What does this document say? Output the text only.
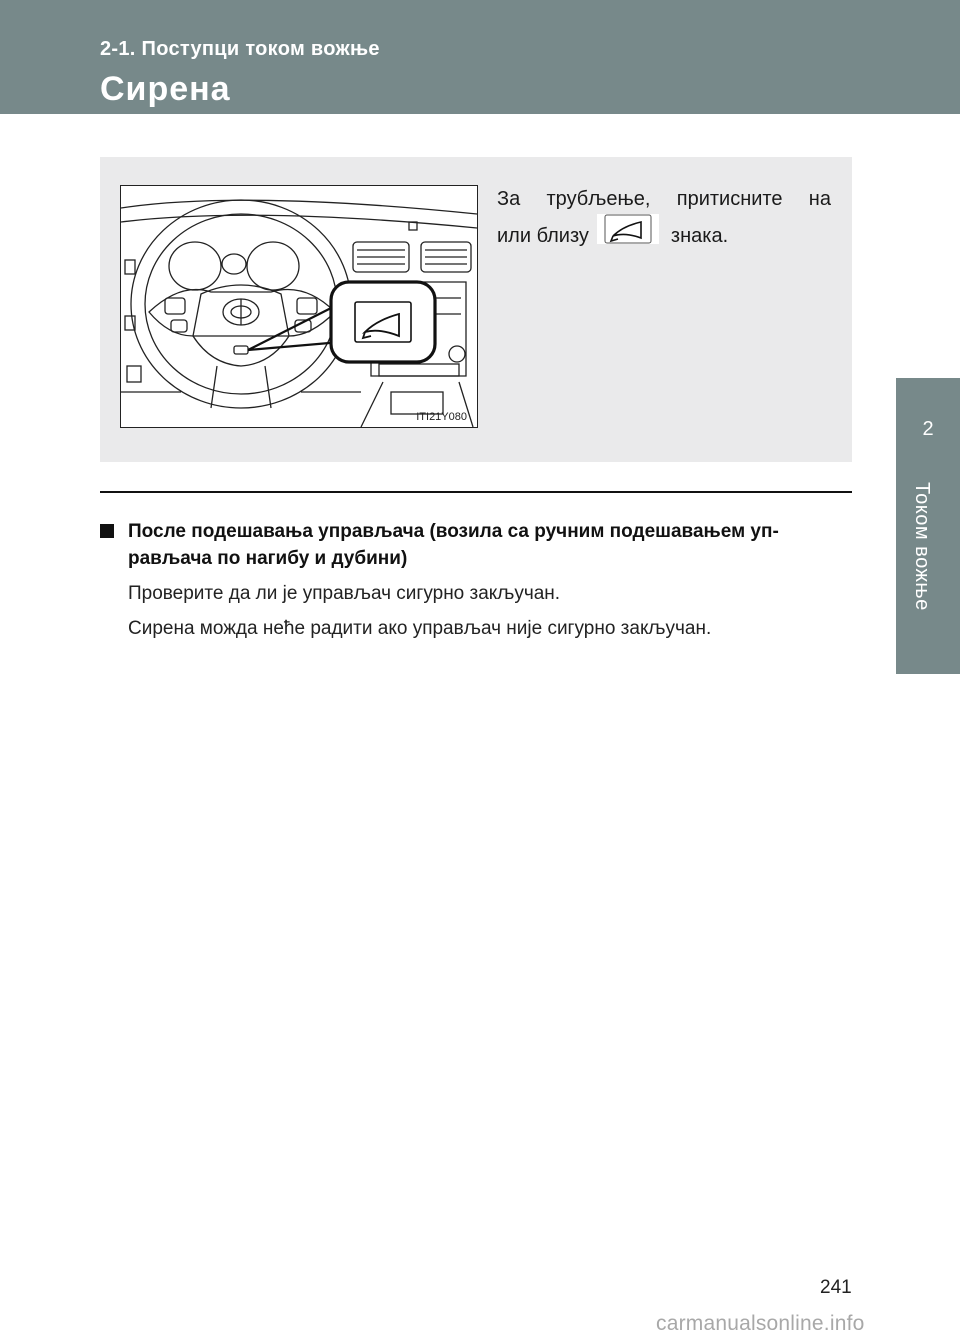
2-1. Поступци током вожње
Сирена
2
Током вожње
ITI21Y080
За трубљење, притисните на
или близу	знака.
После подешавања управљача (возила са ручним подешавањем уп-рављача по нагибу и дубини)
Проверите да ли је управљач сигурно закључан.
Сирена можда неће радити ако управљач није сигурно закључан.
241
carmanualsonline.info
